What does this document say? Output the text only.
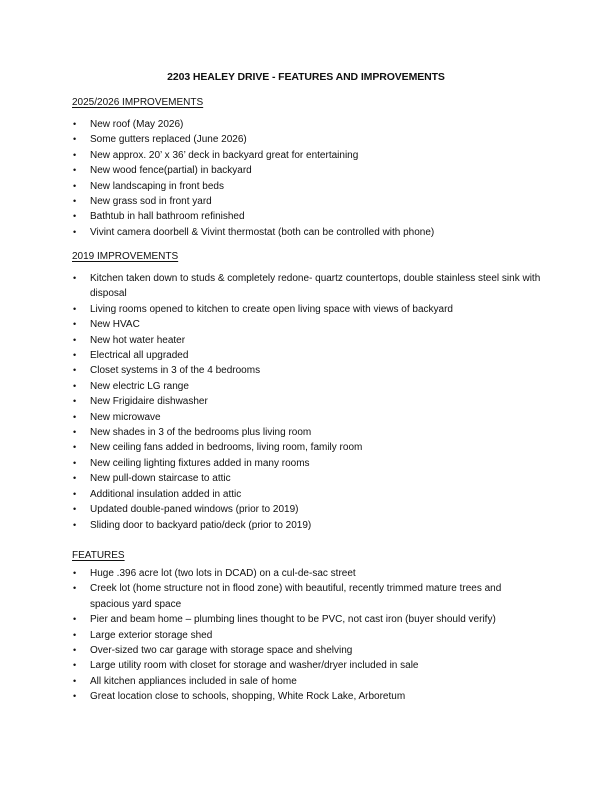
2203 HEALEY DRIVE - FEATURES AND IMPROVEMENTS
2025/2026 IMPROVEMENTS
• New roof (May 2026)
• Some gutters replaced (June 2026)
• New approx. 20’ x 36’ deck in backyard great for entertaining
• New wood fence(partial) in backyard
• New landscaping in front beds
• New grass sod in front yard
• Bathtub in hall bathroom refinished
• Vivint camera doorbell & Vivint thermostat (both can be controlled with phone)
2019 IMPROVEMENTS
• Kitchen taken down to studs & completely redone- quartz countertops, double stainless steel sink with disposal
• Living rooms opened to kitchen to create open living space with views of backyard
• New HVAC
• New hot water heater
• Electrical all upgraded
• Closet systems in 3 of the 4 bedrooms
• New electric LG range
• New Frigidaire dishwasher
• New microwave
• New shades in 3 of the bedrooms plus living room
• New ceiling fans added in bedrooms, living room, family room
• New ceiling lighting fixtures added in many rooms
• New pull-down staircase to attic
• Additional insulation added in attic
• Updated double-paned windows (prior to 2019)
• Sliding door to backyard patio/deck (prior to 2019)
FEATURES
• Huge .396 acre lot (two lots in DCAD) on a cul-de-sac street
• Creek lot (home structure not in flood zone) with beautiful, recently trimmed mature trees and spacious yard space
• Pier and beam home – plumbing lines thought to be PVC, not cast iron (buyer should verify)
• Large exterior storage shed
• Over-sized two car garage with storage space and shelving
• Large utility room with closet for storage and washer/dryer included in sale
• All kitchen appliances included in sale of home
• Great location close to schools, shopping, White Rock Lake, Arboretum
